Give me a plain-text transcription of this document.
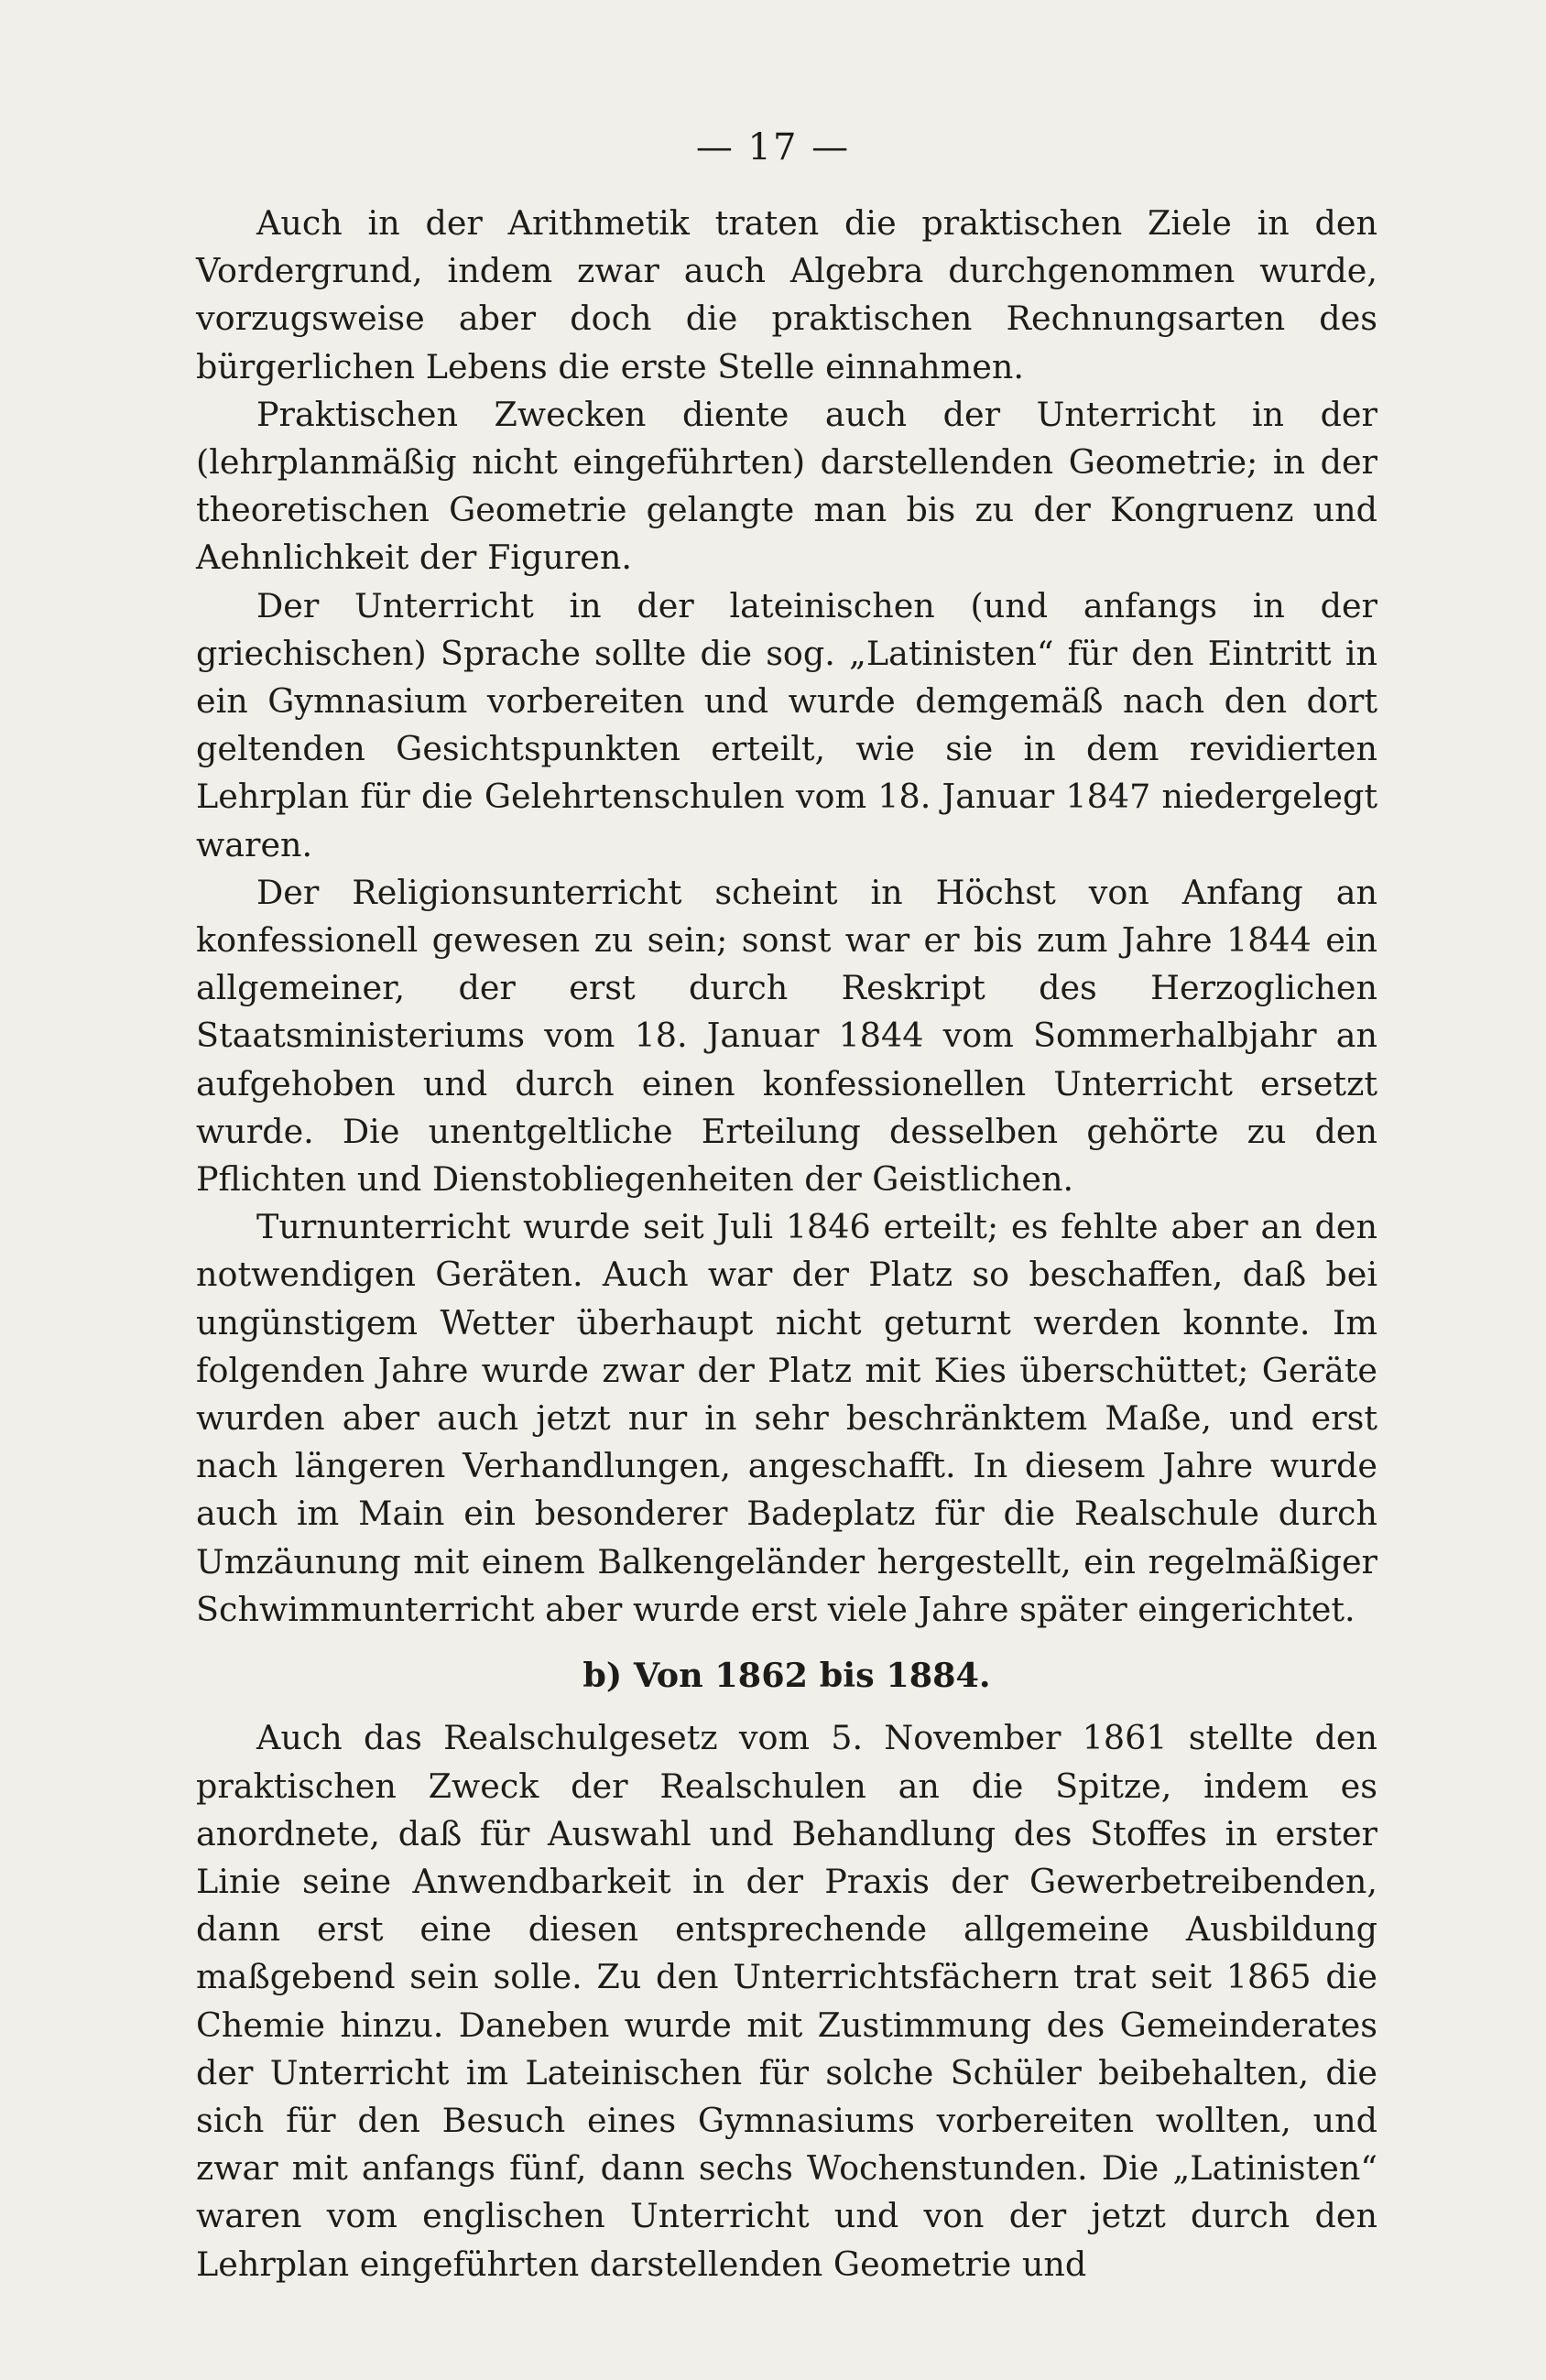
— 17 —

Auch in der Arithmetik traten die praktischen Ziele in den Vordergrund, indem zwar auch Algebra durchgenommen wurde, vorzugsweise aber doch die praktischen Rechnungsarten des bürgerlichen Lebens die erste Stelle einnahmen.

Praktischen Zwecken diente auch der Unterricht in der (lehrplanmäßig nicht eingeführten) darstellenden Geometrie; in der theoretischen Geometrie gelangte man bis zu der Kongruenz und Aehnlichkeit der Figuren.

Der Unterricht in der lateinischen (und anfangs in der griechischen) Sprache sollte die sog. „Latinisten“ für den Eintritt in ein Gymnasium vorbereiten und wurde demgemäß nach den dort geltenden Gesichtspunkten erteilt, wie sie in dem revidierten Lehrplan für die Gelehrtenschulen vom 18. Januar 1847 niedergelegt waren.

Der Religionsunterricht scheint in Höchst von Anfang an konfessionell gewesen zu sein; sonst war er bis zum Jahre 1844 ein allgemeiner, der erst durch Reskript des Herzoglichen Staatsministeriums vom 18. Januar 1844 vom Sommerhalbjahr an aufgehoben und durch einen konfessionellen Unterricht ersetzt wurde. Die unentgeltliche Erteilung desselben gehörte zu den Pflichten und Dienstobliegenheiten der Geistlichen.

Turnunterricht wurde seit Juli 1846 erteilt; es fehlte aber an den notwendigen Geräten. Auch war der Platz so beschaffen, daß bei ungünstigem Wetter überhaupt nicht geturnt werden konnte. Im folgenden Jahre wurde zwar der Platz mit Kies überschüttet; Geräte wurden aber auch jetzt nur in sehr beschränktem Maße, und erst nach längeren Verhandlungen, angeschafft. In diesem Jahre wurde auch im Main ein besonderer Badeplatz für die Realschule durch Umzäunung mit einem Balkengeländer hergestellt, ein regelmäßiger Schwimmunterricht aber wurde erst viele Jahre später eingerichtet.

b) Von 1862 bis 1884.

Auch das Realschulgesetz vom 5. November 1861 stellte den praktischen Zweck der Realschulen an die Spitze, indem es anordnete, daß für Auswahl und Behandlung des Stoffes in erster Linie seine Anwendbarkeit in der Praxis der Gewerbetreibenden, dann erst eine diesen entsprechende allgemeine Ausbildung maßgebend sein solle. Zu den Unterrichtsfächern trat seit 1865 die Chemie hinzu. Daneben wurde mit Zustimmung des Gemeinderates der Unterricht im Lateinischen für solche Schüler beibehalten, die sich für den Besuch eines Gymnasiums vorbereiten wollten, und zwar mit anfangs fünf, dann sechs Wochenstunden. Die „Latinisten“ waren vom englischen Unterricht und von der jetzt durch den Lehrplan eingeführten darstellenden Geometrie und
